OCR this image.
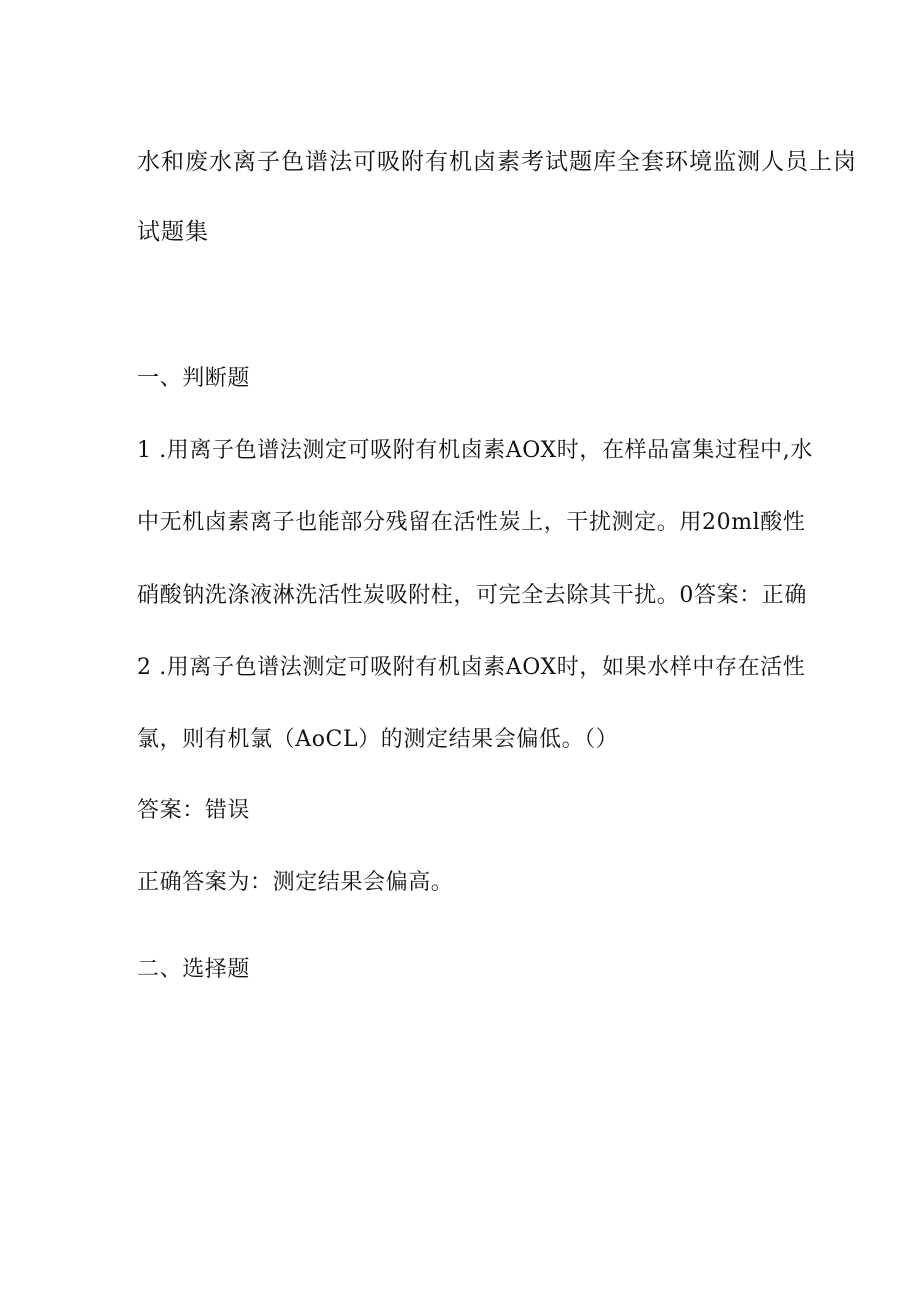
水和废水离子色谱法可吸附有机卤素考试题库全套环境监测人员上岗

试题集

一、判断题

1 .用离子色谱法测定可吸附有机卤素AOX时，在样品富集过程中,水

中无机卤素离子也能部分残留在活性炭上，干扰测定。用20ml酸性

硝酸钠洗涤液淋洗活性炭吸附柱，可完全去除其干扰。0答案：正确

2 .用离子色谱法测定可吸附有机卤素AOX时，如果水样中存在活性

氯，则有机氯（AoCL）的测定结果会偏低。（）

答案：错误

正确答案为：测定结果会偏高。

二、选择题
